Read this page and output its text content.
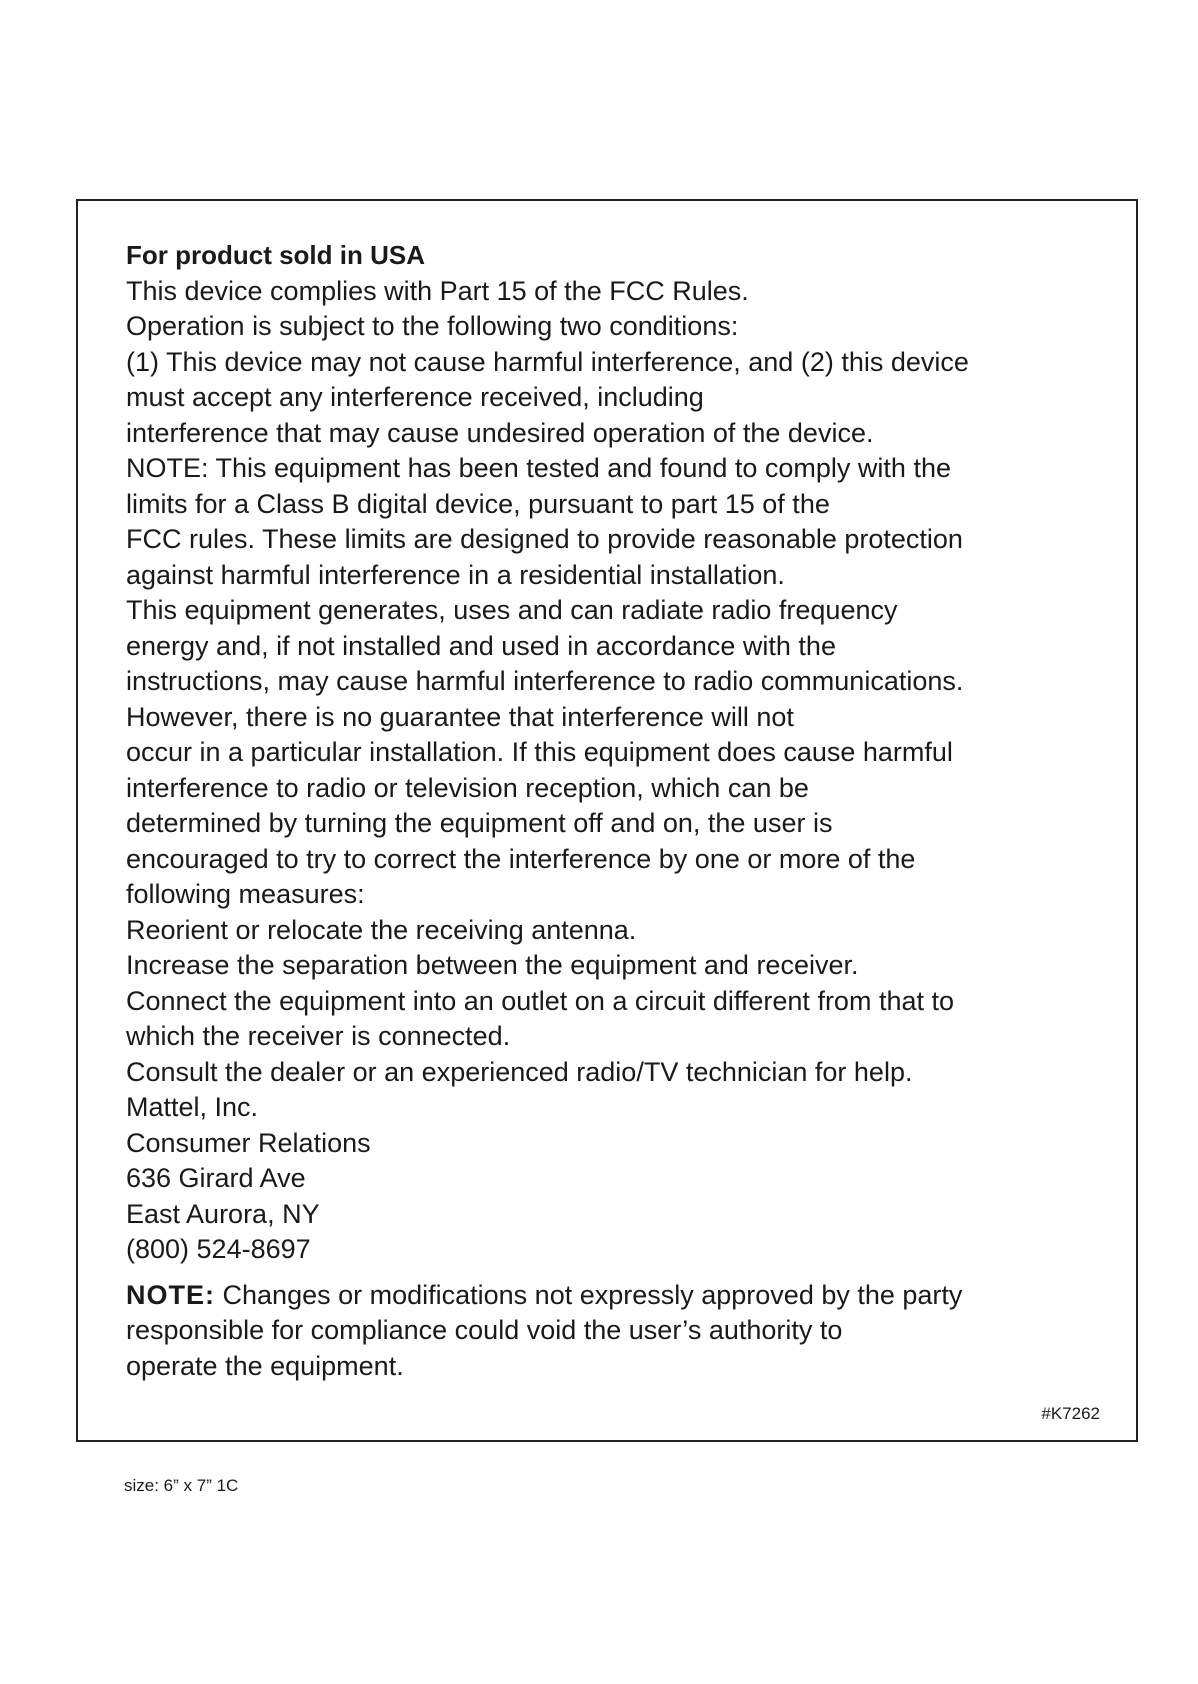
For product sold in USA
This device complies with Part 15 of the FCC Rules.
Operation is subject to the following two conditions:
(1) This device may not cause harmful interference, and (2) this device
must accept any interference received, including
interference that may cause undesired operation of the device.
NOTE: This equipment has been tested and found to comply with the
limits for a Class B digital device, pursuant to part 15 of the
FCC rules. These limits are designed to provide reasonable protection
against harmful interference in a residential installation.
This equipment generates, uses and can radiate radio frequency
energy and, if not installed and used in accordance with the
instructions, may cause harmful interference to radio communications.
However, there is no guarantee that interference will not
occur in a particular installation. If this equipment does cause harmful
interference to radio or television reception, which can be
determined by turning the equipment off and on, the user is
encouraged to try to correct the interference by one or more of the
following measures:
Reorient or relocate the receiving antenna.
Increase the separation between the equipment and receiver.
Connect the equipment into an outlet on a circuit different from that to
which the receiver is connected.
Consult the dealer or an experienced radio/TV technician for help.
Mattel, Inc.
Consumer Relations
636 Girard Ave
East Aurora, NY
(800) 524-8697
NOTE: Changes or modifications not expressly approved by the party
responsible for compliance could void the user’s authority to
operate the equipment.
#K7262
size: 6” x 7” 1C
